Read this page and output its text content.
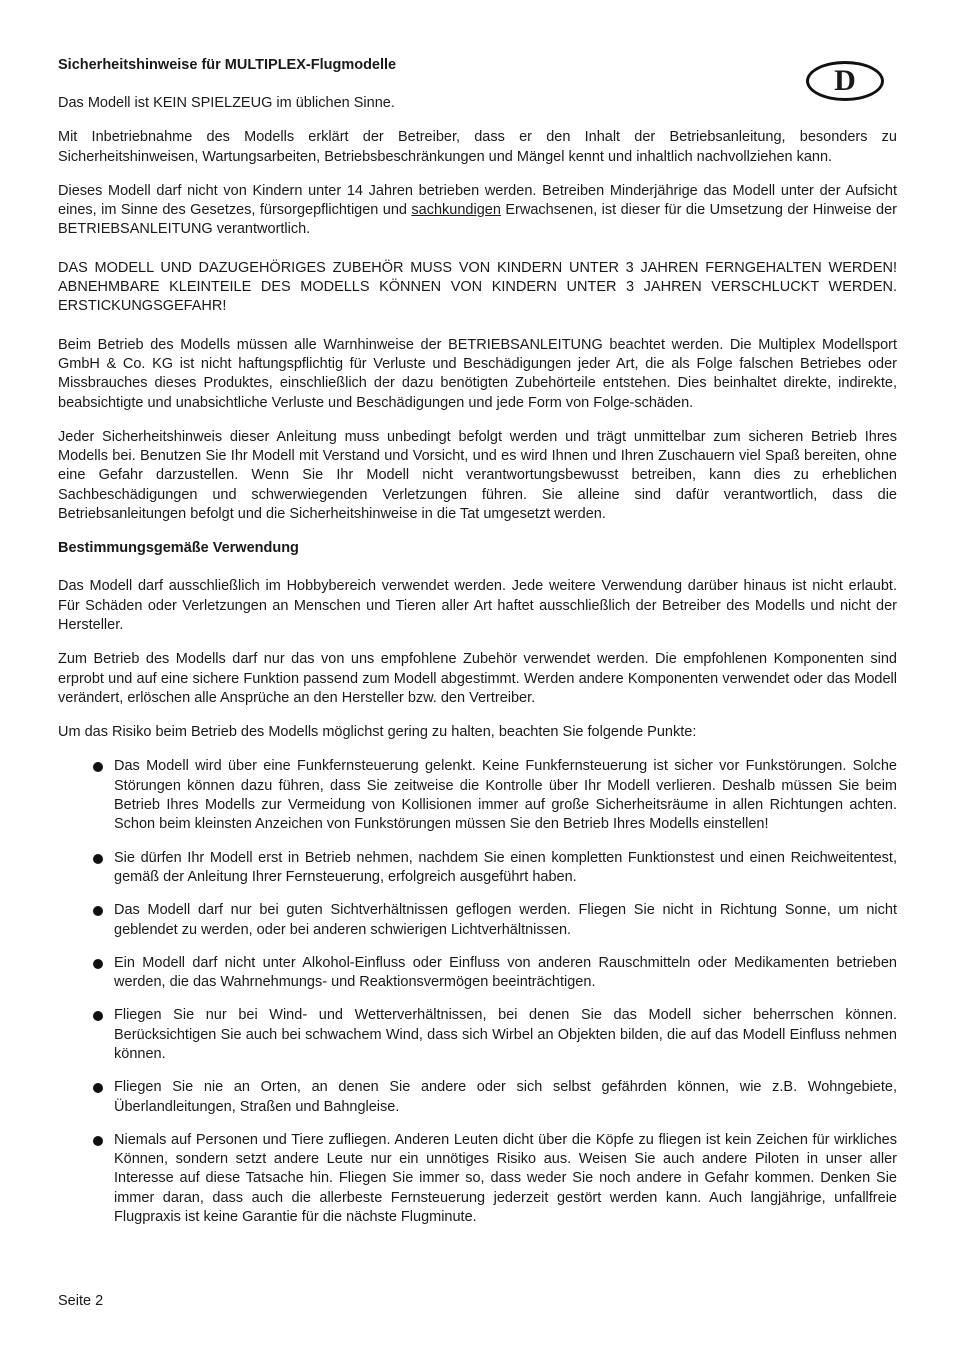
D
Sicherheitshinweise für MULTIPLEX-Flugmodelle

Das Modell ist KEIN SPIELZEUG im üblichen Sinne.

Mit Inbetriebnahme des Modells erklärt der Betreiber, dass er den Inhalt der Betriebsanleitung, besonders zu Sicherheitshinweisen, Wartungsarbeiten, Betriebsbeschränkungen und Mängel kennt und inhaltlich nachvollziehen kann.

Dieses Modell darf nicht von Kindern unter 14 Jahren betrieben werden. Betreiben Minderjährige das Modell unter der Aufsicht eines, im Sinne des Gesetzes, fürsorgepflichtigen und sachkundigen Erwachsenen, ist dieser für die Umsetzung der Hinweise der BETRIEBSANLEITUNG verantwortlich.

DAS MODELL UND DAZUGEHÖRIGES ZUBEHÖR MUSS VON KINDERN UNTER 3 JAHREN FERNGEHALTEN WERDEN! ABNEHMBARE KLEINTEILE DES MODELLS KÖNNEN VON KINDERN UNTER 3 JAHREN VERSCHLUCKT WERDEN. ERSTICKUNGSGEFAHR!

Beim Betrieb des Modells müssen alle Warnhinweise der BETRIEBSANLEITUNG beachtet werden. Die Multiplex Modellsport GmbH & Co. KG ist nicht haftungspflichtig für Verluste und Beschädigungen jeder Art, die als Folge falschen Betriebes oder Missbrauches dieses Produktes, einschließlich der dazu benötigten Zubehörteile entstehen. Dies beinhaltet direkte, indirekte, beabsichtigte und unabsichtliche Verluste und Beschädigungen und jede Form von Folge-schäden.

Jeder Sicherheitshinweis dieser Anleitung muss unbedingt befolgt werden und trägt unmittelbar zum sicheren Betrieb Ihres Modells bei. Benutzen Sie Ihr Modell mit Verstand und Vorsicht, und es wird Ihnen und Ihren Zuschauern viel Spaß bereiten, ohne eine Gefahr darzustellen. Wenn Sie Ihr Modell nicht verantwortungsbewusst betreiben, kann dies zu erheblichen Sachbeschädigungen und schwerwiegenden Verletzungen führen. Sie alleine sind dafür verantwortlich, dass die Betriebsanleitungen befolgt und die Sicherheitshinweise in die Tat umgesetzt werden.

Bestimmungsgemäße Verwendung

Das Modell darf ausschließlich im Hobbybereich verwendet werden. Jede weitere Verwendung darüber hinaus ist nicht erlaubt. Für Schäden oder Verletzungen an Menschen und Tieren aller Art haftet ausschließlich der Betreiber des Modells und nicht der Hersteller.

Zum Betrieb des Modells darf nur das von uns empfohlene Zubehör verwendet werden. Die empfohlenen Komponenten sind erprobt und auf eine sichere Funktion passend zum Modell abgestimmt. Werden andere Komponenten verwendet oder das Modell verändert, erlöschen alle Ansprüche an den Hersteller bzw. den Vertreiber.

Um das Risiko beim Betrieb des Modells möglichst gering zu halten, beachten Sie folgende Punkte:

Das Modell wird über eine Funkfernsteuerung gelenkt. Keine Funkfernsteuerung ist sicher vor Funkstörungen. Solche Störungen können dazu führen, dass Sie zeitweise die Kontrolle über Ihr Modell verlieren. Deshalb müssen Sie beim Betrieb Ihres Modells zur Vermeidung von Kollisionen immer auf große Sicherheitsräume in allen Richtungen achten. Schon beim kleinsten Anzeichen von Funkstörungen müssen Sie den Betrieb Ihres Modells einstellen!
Sie dürfen Ihr Modell erst in Betrieb nehmen, nachdem Sie einen kompletten Funktionstest und einen Reichweitentest, gemäß der Anleitung Ihrer Fernsteuerung, erfolgreich ausgeführt haben.
Das Modell darf nur bei guten Sichtverhältnissen geflogen werden. Fliegen Sie nicht in Richtung Sonne, um nicht geblendet zu werden, oder bei anderen schwierigen Lichtverhältnissen.
Ein Modell darf nicht unter Alkohol-Einfluss oder Einfluss von anderen Rauschmitteln oder Medikamenten betrieben werden, die das Wahrnehmungs- und Reaktionsvermögen beeinträchtigen.
Fliegen Sie nur bei Wind- und Wetterverhältnissen, bei denen Sie das Modell sicher beherrschen können. Berücksichtigen Sie auch bei schwachem Wind, dass sich Wirbel an Objekten bilden, die auf das Modell Einfluss nehmen können.
Fliegen Sie nie an Orten, an denen Sie andere oder sich selbst gefährden können, wie z.B. Wohngebiete, Überlandleitungen, Straßen und Bahngleise.
Niemals auf Personen und Tiere zufliegen. Anderen Leuten dicht über die Köpfe zu fliegen ist kein Zeichen für wirkliches Können, sondern setzt andere Leute nur ein unnötiges Risiko aus. Weisen Sie auch andere Piloten in unser aller Interesse auf diese Tatsache hin. Fliegen Sie immer so, dass weder Sie noch andere in Gefahr kommen. Denken Sie immer daran, dass auch die allerbeste Fernsteuerung jederzeit gestört werden kann. Auch langjährige, unfallfreie Flugpraxis ist keine Garantie für die nächste Flugminute.
Seite 2
